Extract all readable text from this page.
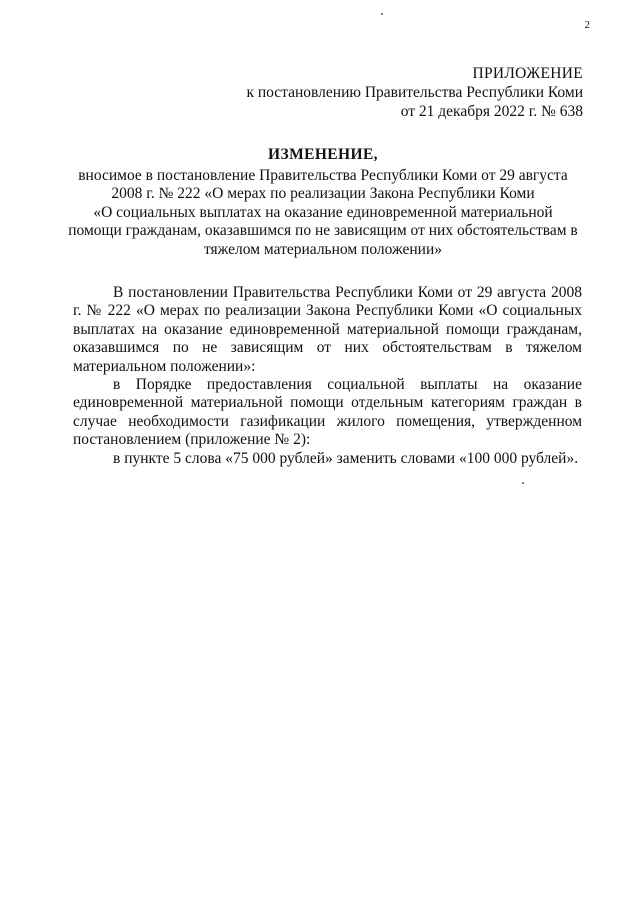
2
ПРИЛОЖЕНИЕ
к постановлению Правительства Республики Коми
от 21 декабря 2022 г. № 638
ИЗМЕНЕНИЕ,
вносимое в постановление Правительства Республики Коми от 29 августа
2008 г. № 222 «О мерах по реализации Закона Республики Коми
«О социальных выплатах на оказание единовременной материальной
помощи гражданам, оказавшимся по не зависящим от них обстоятельствам в
тяжелом материальном положении»
В постановлении Правительства Республики Коми от 29 августа 2008 г. № 222 «О мерах по реализации Закона Республики Коми «О социальных выплатах на оказание единовременной материальной помощи гражданам, оказавшимся по не зависящим от них обстоятельствам в тяжелом материальном положении»:
в Порядке предоставления социальной выплаты на оказание единовременной материальной помощи отдельным категориям граждан в случае необходимости газификации жилого помещения, утвержденном постановлением (приложение № 2):
в пункте 5 слова «75 000 рублей» заменить словами «100 000 рублей».
